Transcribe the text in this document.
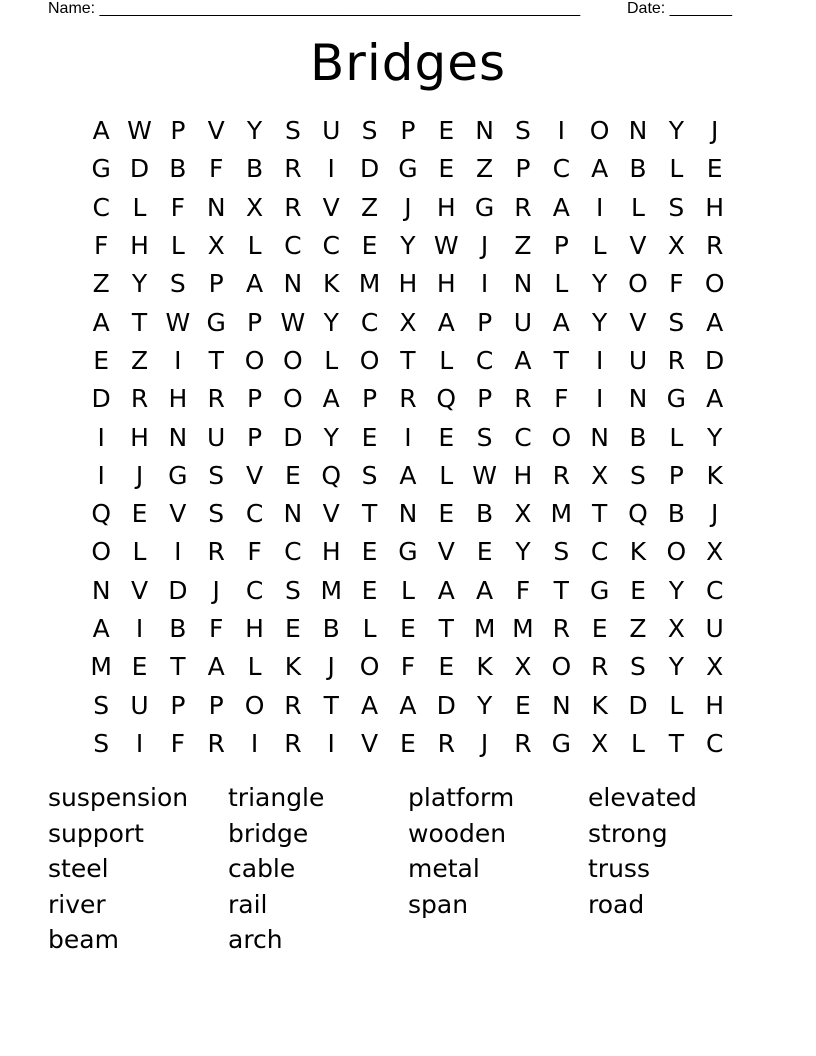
Name: ______________________________________________________	Date: _______
Bridges
A W P V Y S U S P E N S	I O N Y	J
G D B F B R	I	D G E Z P C A B L E
C L F N X R V Z	J	H G R A	I	L S H
F H L X L C C E Y W J	Z P L V X R
Z Y S P A N K M H H	I	N L Y O F O
A T W G P W Y C X A P U A Y V S A
E Z	I	T O O L O T L C A T	I	U R D
D R H R P O A P R Q P R F	I	N G A
I	H N U P D Y E	I	E S C O N B L Y
I	J G S V E Q S A L W H R X S P K
Q E V S C N V T N E B X M T Q B	J
O L	I	R F C H E G V E Y S C K O X
N V D	J	C S M E L A A F T G E Y C
A	I	B F H E B L E T M M R E Z X U
M E T A L K	J O F E K X O R S Y X
S U P P O R T A A D Y E N K D L H
S	I	F R	I	R	I	V E R	J	R G X L T C
suspension	triangle	platform	elevated
support	bridge	wooden	strong
steel	cable	metal	truss
river	rail	span	road
beam	arch
